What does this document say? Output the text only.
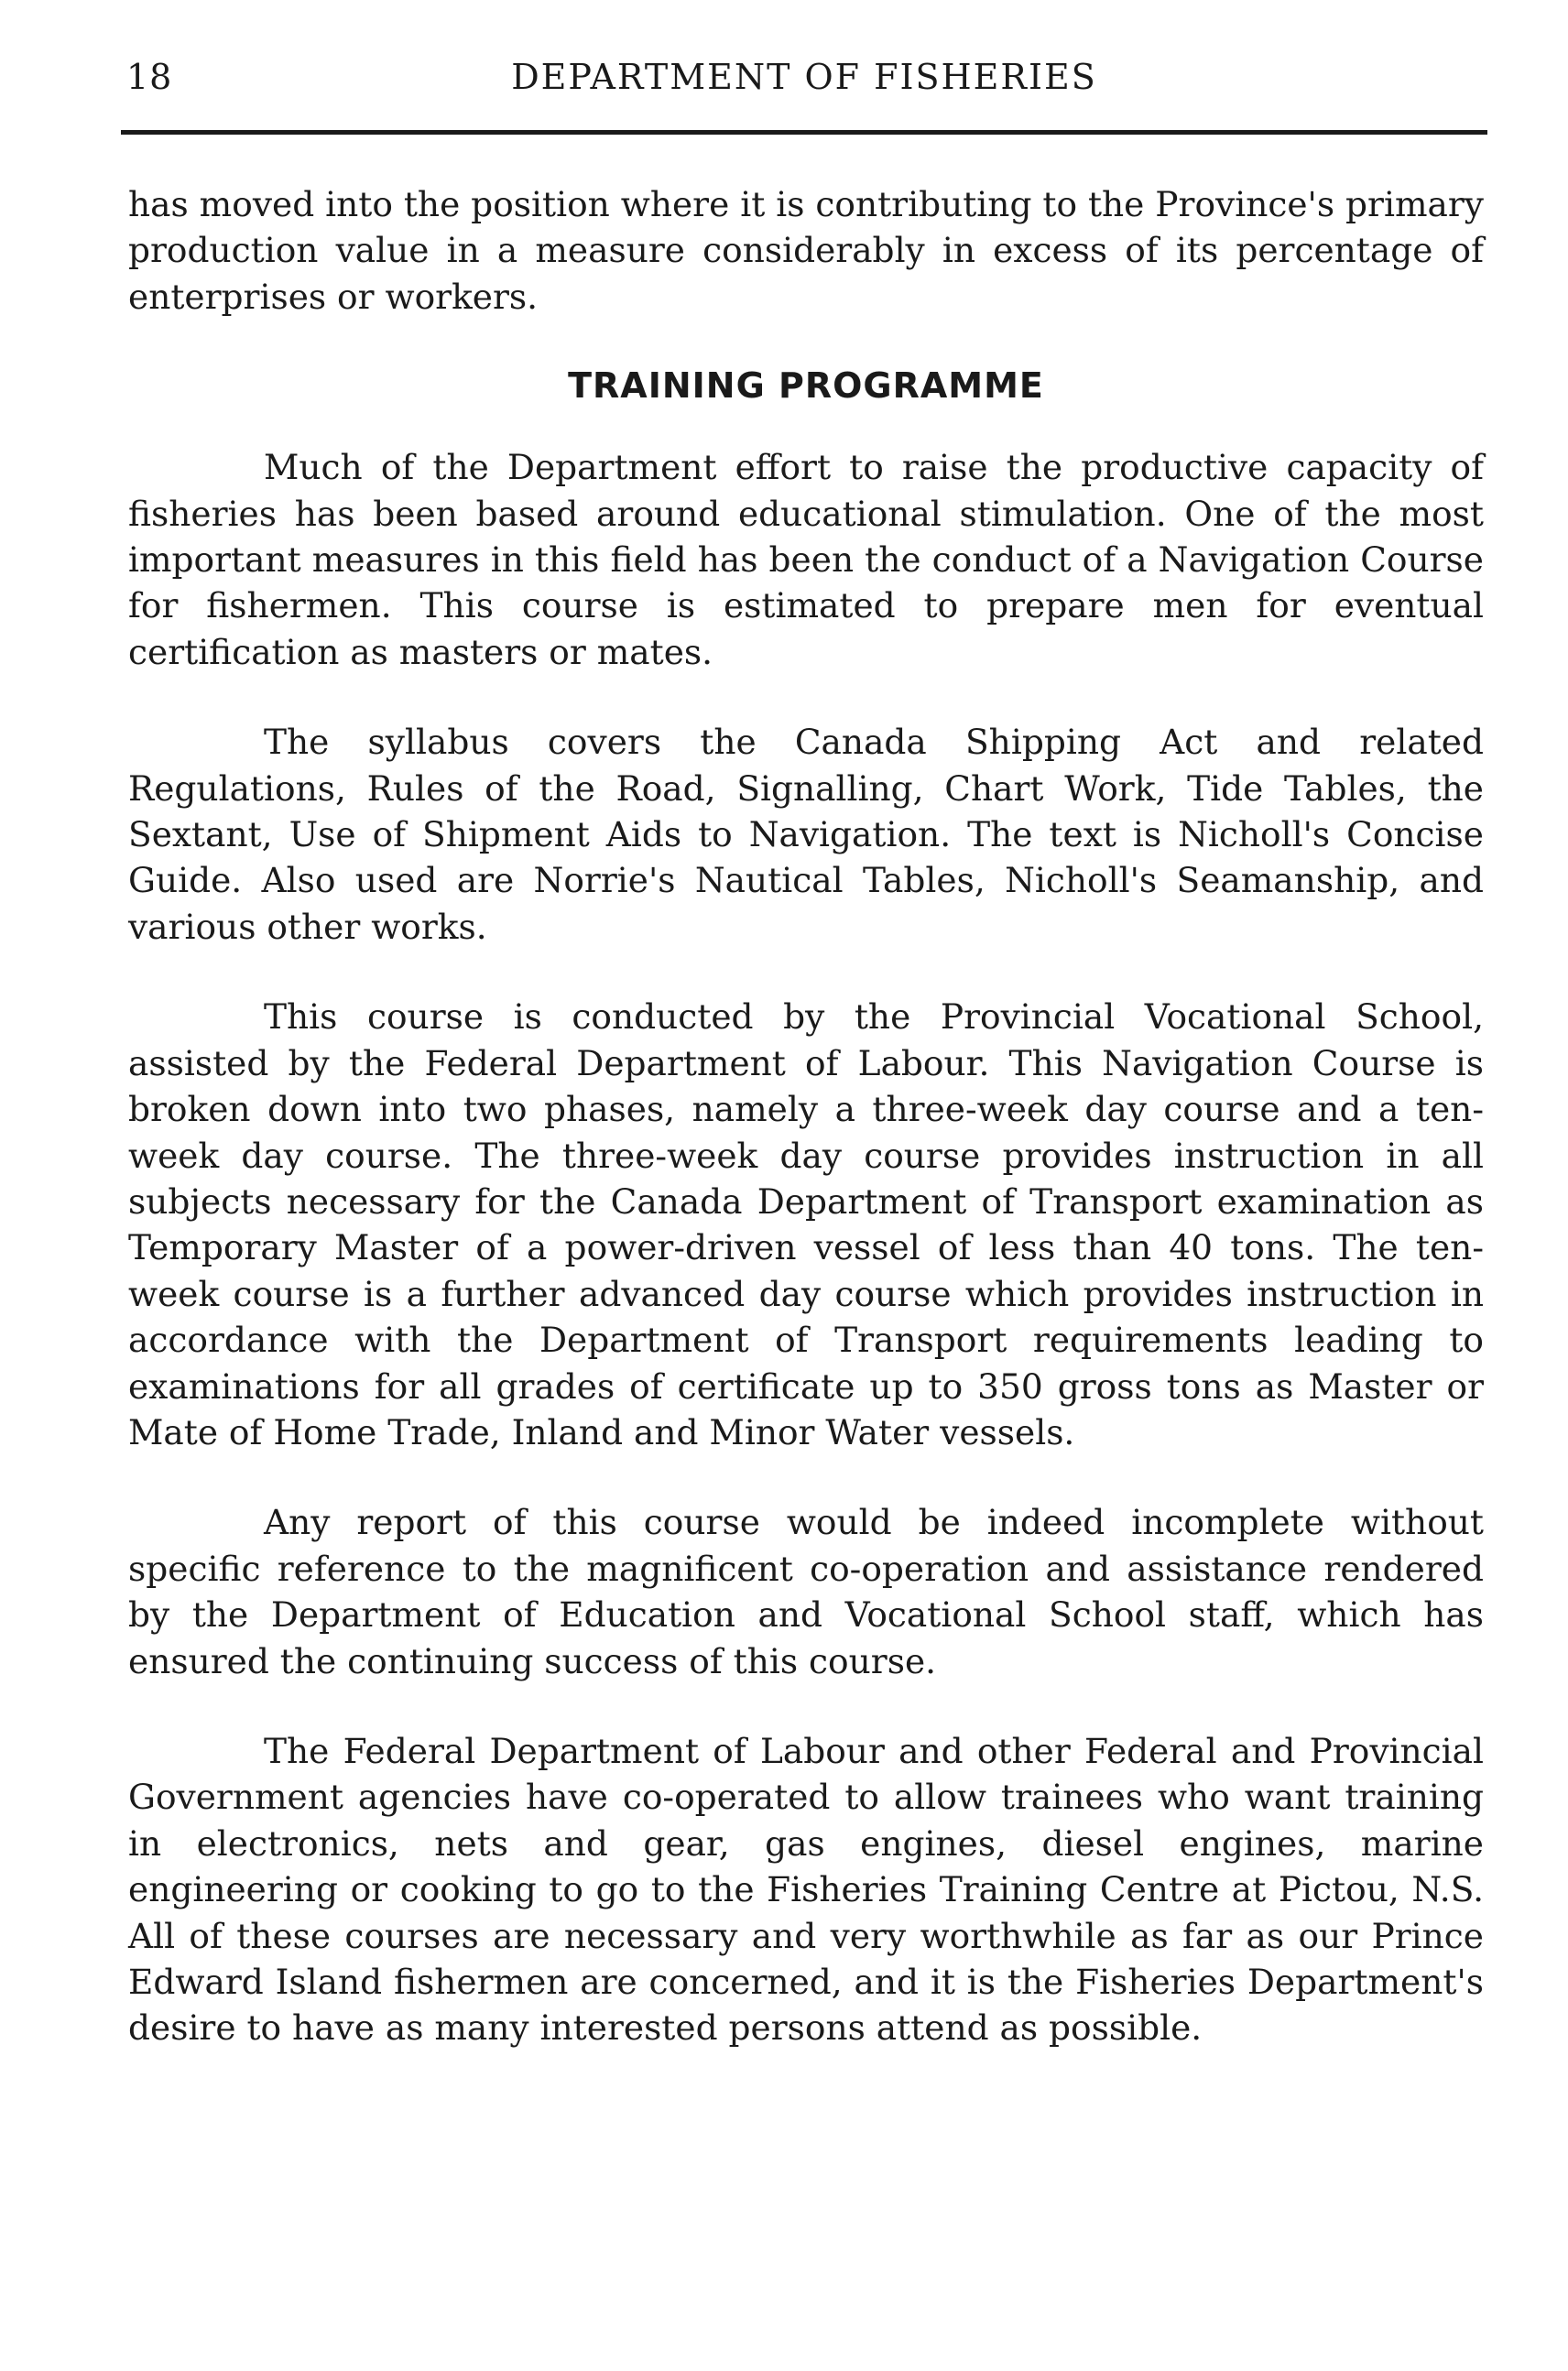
18	DEPARTMENT OF FISHERIES

has moved into the position where it is contributing to the Province's primary production value in a measure considerably in excess of its percentage of enterprises or workers.

TRAINING PROGRAMME

Much of the Department effort to raise the productive capacity of fisheries has been based around educational stimulation. One of the most important measures in this field has been the conduct of a Navigation Course for fishermen. This course is estimated to prepare men for eventual certification as masters or mates.

The syllabus covers the Canada Shipping Act and related Regulations, Rules of the Road, Signalling, Chart Work, Tide Tables, the Sextant, Use of Shipment Aids to Navigation. The text is Nicholl's Concise Guide. Also used are Norrie's Nautical Tables, Nicholl's Seamanship, and various other works.

This course is conducted by the Provincial Vocational School, assisted by the Federal Department of Labour. This Navigation Course is broken down into two phases, namely a three-week day course and a ten-week day course. The three-week day course provides instruction in all subjects necessary for the Canada Department of Transport examination as Temporary Master of a power-driven vessel of less than 40 tons. The ten-week course is a further advanced day course which provides instruction in accordance with the Department of Transport requirements leading to examinations for all grades of certificate up to 350 gross tons as Master or Mate of Home Trade, Inland and Minor Water vessels.

Any report of this course would be indeed incomplete without specific reference to the magnificent co-operation and assistance rendered by the Department of Education and Vocational School staff, which has ensured the continuing success of this course.

The Federal Department of Labour and other Federal and Provincial Government agencies have co-operated to allow trainees who want training in electronics, nets and gear, gas engines, diesel engines, marine engineering or cooking to go to the Fisheries Training Centre at Pictou, N.S. All of these courses are necessary and very worthwhile as far as our Prince Edward Island fishermen are concerned, and it is the Fisheries Department's desire to have as many interested persons attend as possible.
